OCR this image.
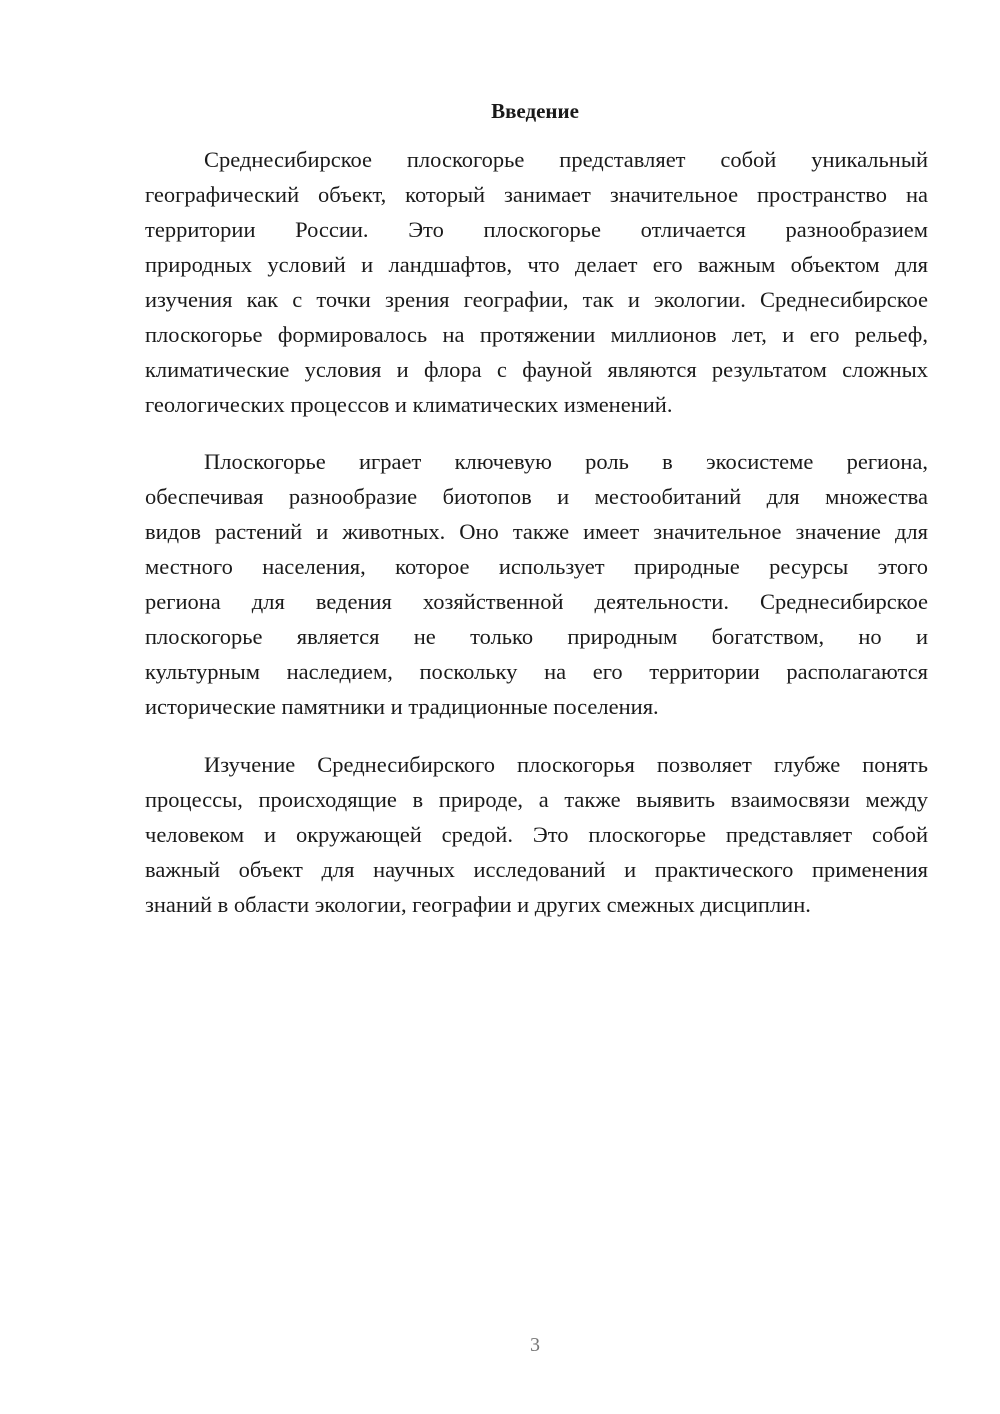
Введение
Среднесибирское плоскогорье представляет собой уникальный
географический объект, который занимает значительное пространство на
территории России. Это плоскогорье отличается разнообразием
природных условий и ландшафтов, что делает его важным объектом для
изучения как с точки зрения географии, так и экологии. Среднесибирское
плоскогорье формировалось на протяжении миллионов лет, и его рельеф,
климатические условия и флора с фауной являются результатом сложных
геологических процессов и климатических изменений.
Плоскогорье играет ключевую роль в экосистеме региона,
обеспечивая разнообразие биотопов и местообитаний для множества
видов растений и животных. Оно также имеет значительное значение для
местного населения, которое использует природные ресурсы этого
региона для ведения хозяйственной деятельности. Среднесибирское
плоскогорье является не только природным богатством, но и
культурным наследием, поскольку на его территории располагаются
исторические памятники и традиционные поселения.
Изучение Среднесибирского плоскогорья позволяет глубже понять
процессы, происходящие в природе, а также выявить взаимосвязи между
человеком и окружающей средой. Это плоскогорье представляет собой
важный объект для научных исследований и практического применения
знаний в области экологии, географии и других смежных дисциплин.
3
